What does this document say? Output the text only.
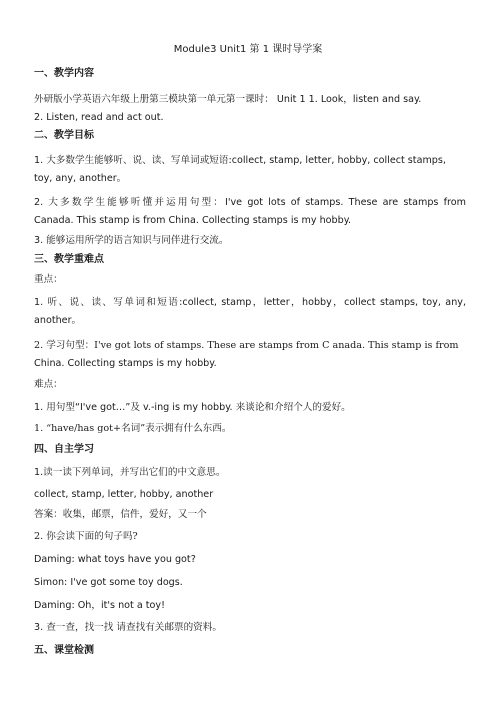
Module3 Unit1 第 1 课时导学案
一、教学内容
外研版小学英语六年级上册第三模块第一单元第一课时： Unit 1 1. Look，listen and say.
2. Listen, read and act out.
二、教学目标
1. 大多数学生能够听、说、读、写单词或短语:collect, stamp, letter, hobby, collect stamps,
toy, any, another。
2. 大多数学生能够听懂并运用句型：I've got lots of stamps. These are stamps from
Canada. This stamp is from China. Collecting stamps is my hobby.
3. 能够运用所学的语言知识与同伴进行交流。
三、教学重难点
重点：
1. 听、说、读、写单词和短语:collect, stamp，letter，hobby，collect stamps, toy, any,
another。
2. 学习句型：I've got lots of stamps. These are stamps from C anada. This stamp is from
China. Collecting stamps is my hobby.
难点：
1. 用句型“I've got…”及 v.-ing is my hobby. 来谈论和介绍个人的爱好。
1. “have/has got+名词”表示拥有什么东西。
四、自主学习
1.读一读下列单词，并写出它们的中文意思。
collect, stamp, letter, hobby, another
答案：收集，邮票，信件，爱好，又一个
2. 你会读下面的句子吗?
Daming: what toys have you got?
Simon: I've got some toy dogs.
Daming: Oh，it's not a toy!
3. 查一查，找一找 请查找有关邮票的资料。
五、课堂检测
